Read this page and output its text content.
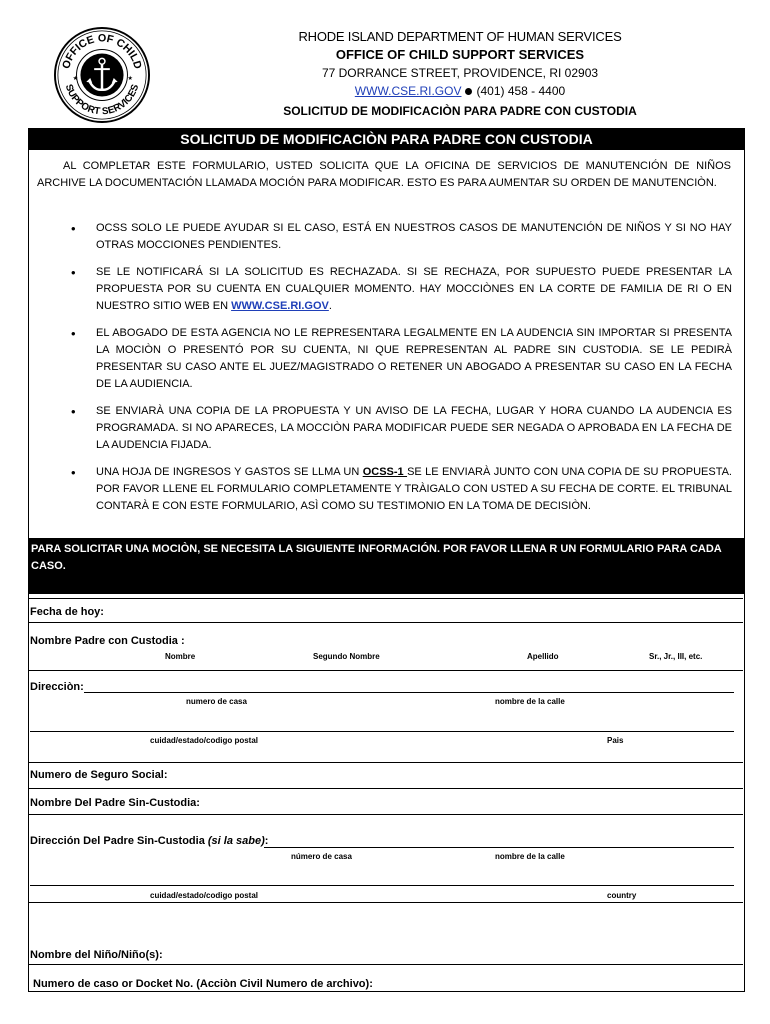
OFFICE OF CHILD
SUPPORT SERVICES
★	★
RHODE ISLAND DEPARTMENT OF HUMAN SERVICES
OFFICE OF CHILD SUPPORT SERVICES
77 DORRANCE STREET, PROVIDENCE, RI 02903
WWW.CSE.RI.GOV (401) 458 - 4400
SOLICITUD DE MODIFICACIÒN PARA PADRE CON CUSTODIA
SOLICITUD DE MODIFICACIÒN PARA PADRE CON CUSTODIA
AL COMPLETAR ESTE FORMULARIO, USTED SOLICITA QUE LA OFICINA DE SERVICIOS DE MANUTENCIÓN DE NIÑOS ARCHIVE LA DOCUMENTACIÓN LLAMADA MOCIÓN PARA MODIFICAR. ESTO ES PARA AUMENTAR SU ORDEN DE MANUTENCIÒN.
• OCSS SOLO LE PUEDE AYUDAR SI EL CASO, ESTÁ EN NUESTROS CASOS DE MANUTENCIÓN DE NIÑOS Y SI NO HAY OTRAS MOCCIONES PENDIENTES.
• SE LE NOTIFICARÁ SI LA SOLICITUD ES RECHAZADA. SI SE RECHAZA, POR SUPUESTO PUEDE PRESENTAR LA PROPUESTA POR SU CUENTA EN CUALQUIER MOMENTO. HAY MOCCIÒNES EN LA CORTE DE FAMILIA DE RI O EN NUESTRO SITIO WEB EN WWW.CSE.RI.GOV.
• EL ABOGADO DE ESTA AGENCIA NO LE REPRESENTARA LEGALMENTE EN LA AUDENCIA SIN IMPORTAR SI PRESENTA LA MOCIÒN O PRESENTÓ POR SU CUENTA, NI QUE REPRESENTAN AL PADRE SIN CUSTODIA. SE LE PEDIRÀ PRESENTAR SU CASO ANTE EL JUEZ/MAGISTRADO O RETENER UN ABOGADO A PRESENTAR SU CASO EN LA FECHA DE LA AUDIENCIA.
• SE ENVIARÀ UNA COPIA DE LA PROPUESTA Y UN AVISO DE LA FECHA, LUGAR Y HORA CUANDO LA AUDENCIA ES PROGRAMADA. SI NO APARECES, LA MOCCIÒN PARA MODIFICAR PUEDE SER NEGADA O APROBADA EN LA FECHA DE LA AUDENCIA FIJADA.
• UNA HOJA DE INGRESOS Y GASTOS SE LLMA UN OCSS-1 SE LE ENVIARÀ JUNTO CON UNA COPIA DE SU PROPUESTA. POR FAVOR LLENE EL FORMULARIO COMPLETAMENTE Y TRÀIGALO CON USTED A SU FECHA DE CORTE. EL TRIBUNAL CONTARÀ E CON ESTE FORMULARIO, ASÌ COMO SU TESTIMONIO EN LA TOMA DE DECISIÒN.
PARA SOLICITAR UNA MOCIÒN, SE NECESITA LA SIGUIENTE INFORMACIÓN. POR FAVOR LLENA R UN FORMULARIO PARA CADA CASO.
Fecha de hoy:
Nombre Padre con Custodia :
Nombre	Segundo Nombre	Apellido	Sr., Jr., III, etc.
Direcciòn:
numero de casa	nombre de la calle
cuidad/estado/codigo postal	Pais
Numero de Seguro Social:
Nombre Del Padre Sin-Custodia:
Dirección Del Padre Sin-Custodia (si la sabe):
número de casa	nombre de la calle
cuidad/estado/codigo postal	country
Nombre del Niño/Niño(s):
Numero de caso or Docket No. (Acciòn Civil Numero de archivo):
